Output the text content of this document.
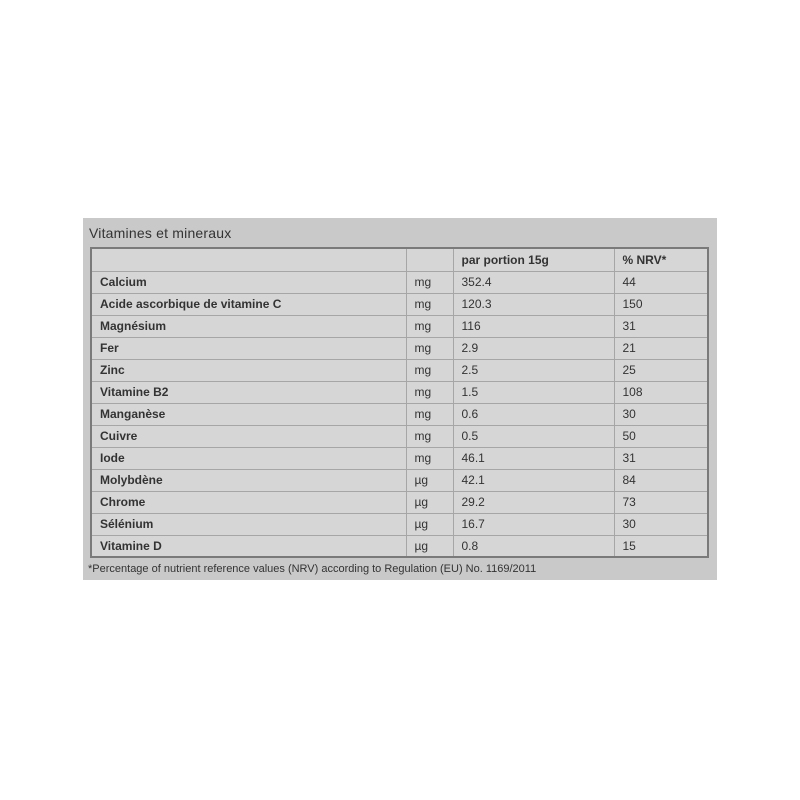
Vitamines et mineraux
		par portion 15g	% NRV*
Calcium	mg	352.4	44
Acide ascorbique de vitamine C	mg	120.3	150
Magnésium	mg	116	31
Fer	mg	2.9	21
Zinc	mg	2.5	25
Vitamine B2	mg	1.5	108
Manganèse	mg	0.6	30
Cuivre	mg	0.5	50
Iode	mg	46.1	31
Molybdène	µg	42.1	84
Chrome	µg	29.2	73
Sélénium	µg	16.7	30
Vitamine D	µg	0.8	15
*Percentage of nutrient reference values (NRV) according to Regulation (EU) No. 1169/2011
